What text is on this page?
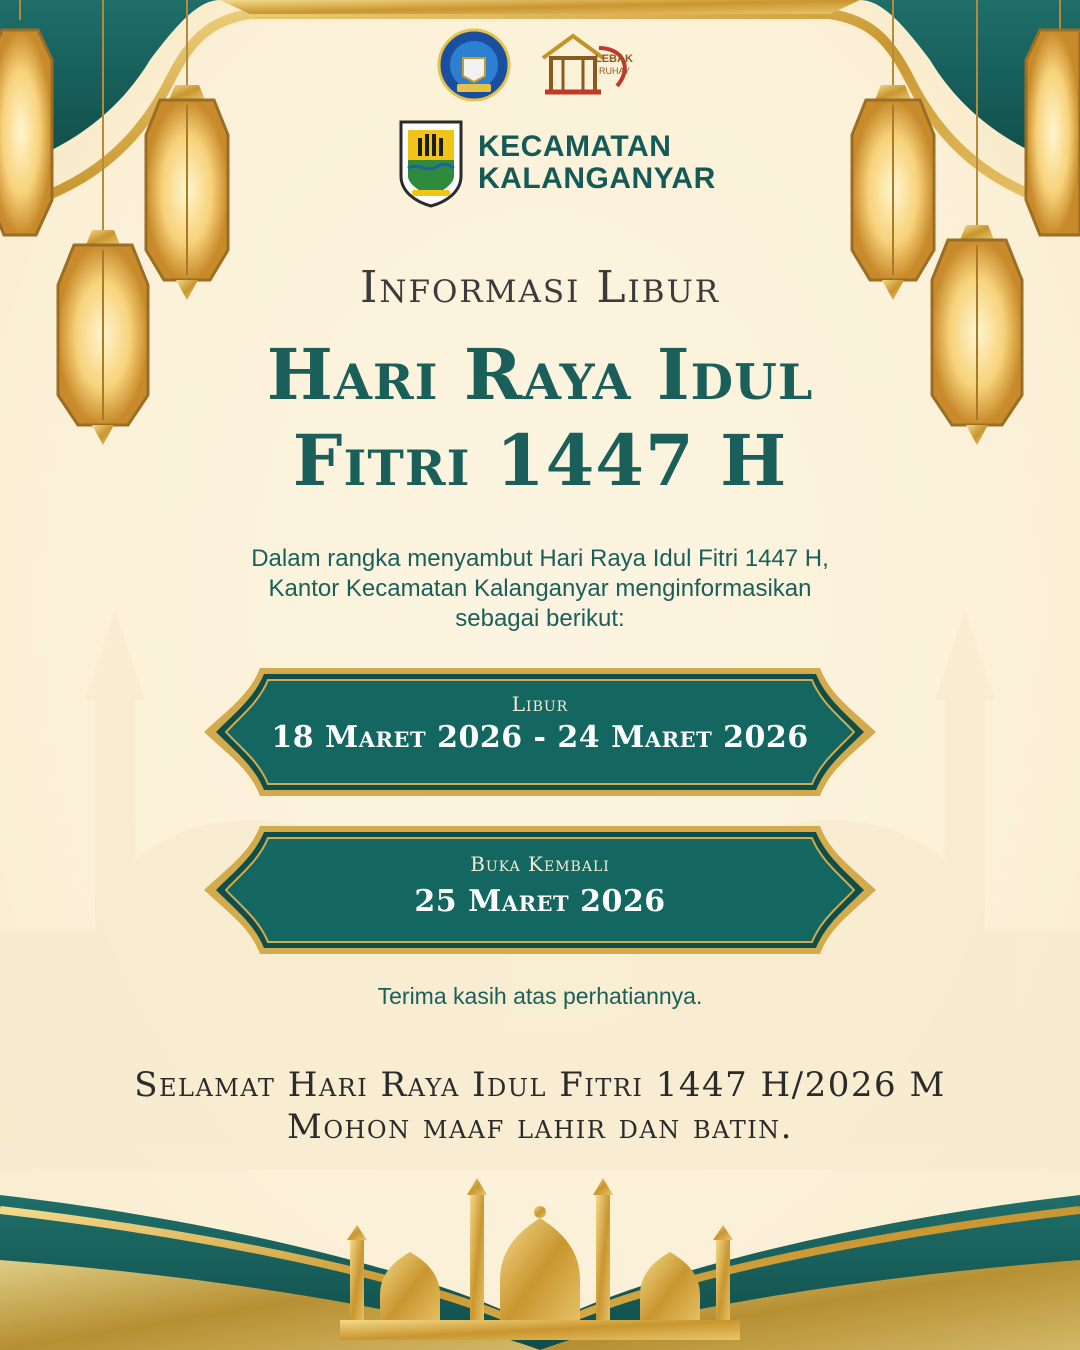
LEBAK
RUHAY
KECAMATAN
KALANGANYAR
Informasi Libur
Hari Raya Idul
Fitri 1447 H
Dalam rangka menyambut Hari Raya Idul Fitri 1447 H,
Kantor Kecamatan Kalanganyar menginformasikan
sebagai berikut:
Libur
18 Maret 2026 - 24 Maret 2026
Buka Kembali
25 Maret 2026
Terima kasih atas perhatiannya.
Selamat Hari Raya Idul Fitri 1447 H/2026 M
Mohon maaf lahir dan batin.
